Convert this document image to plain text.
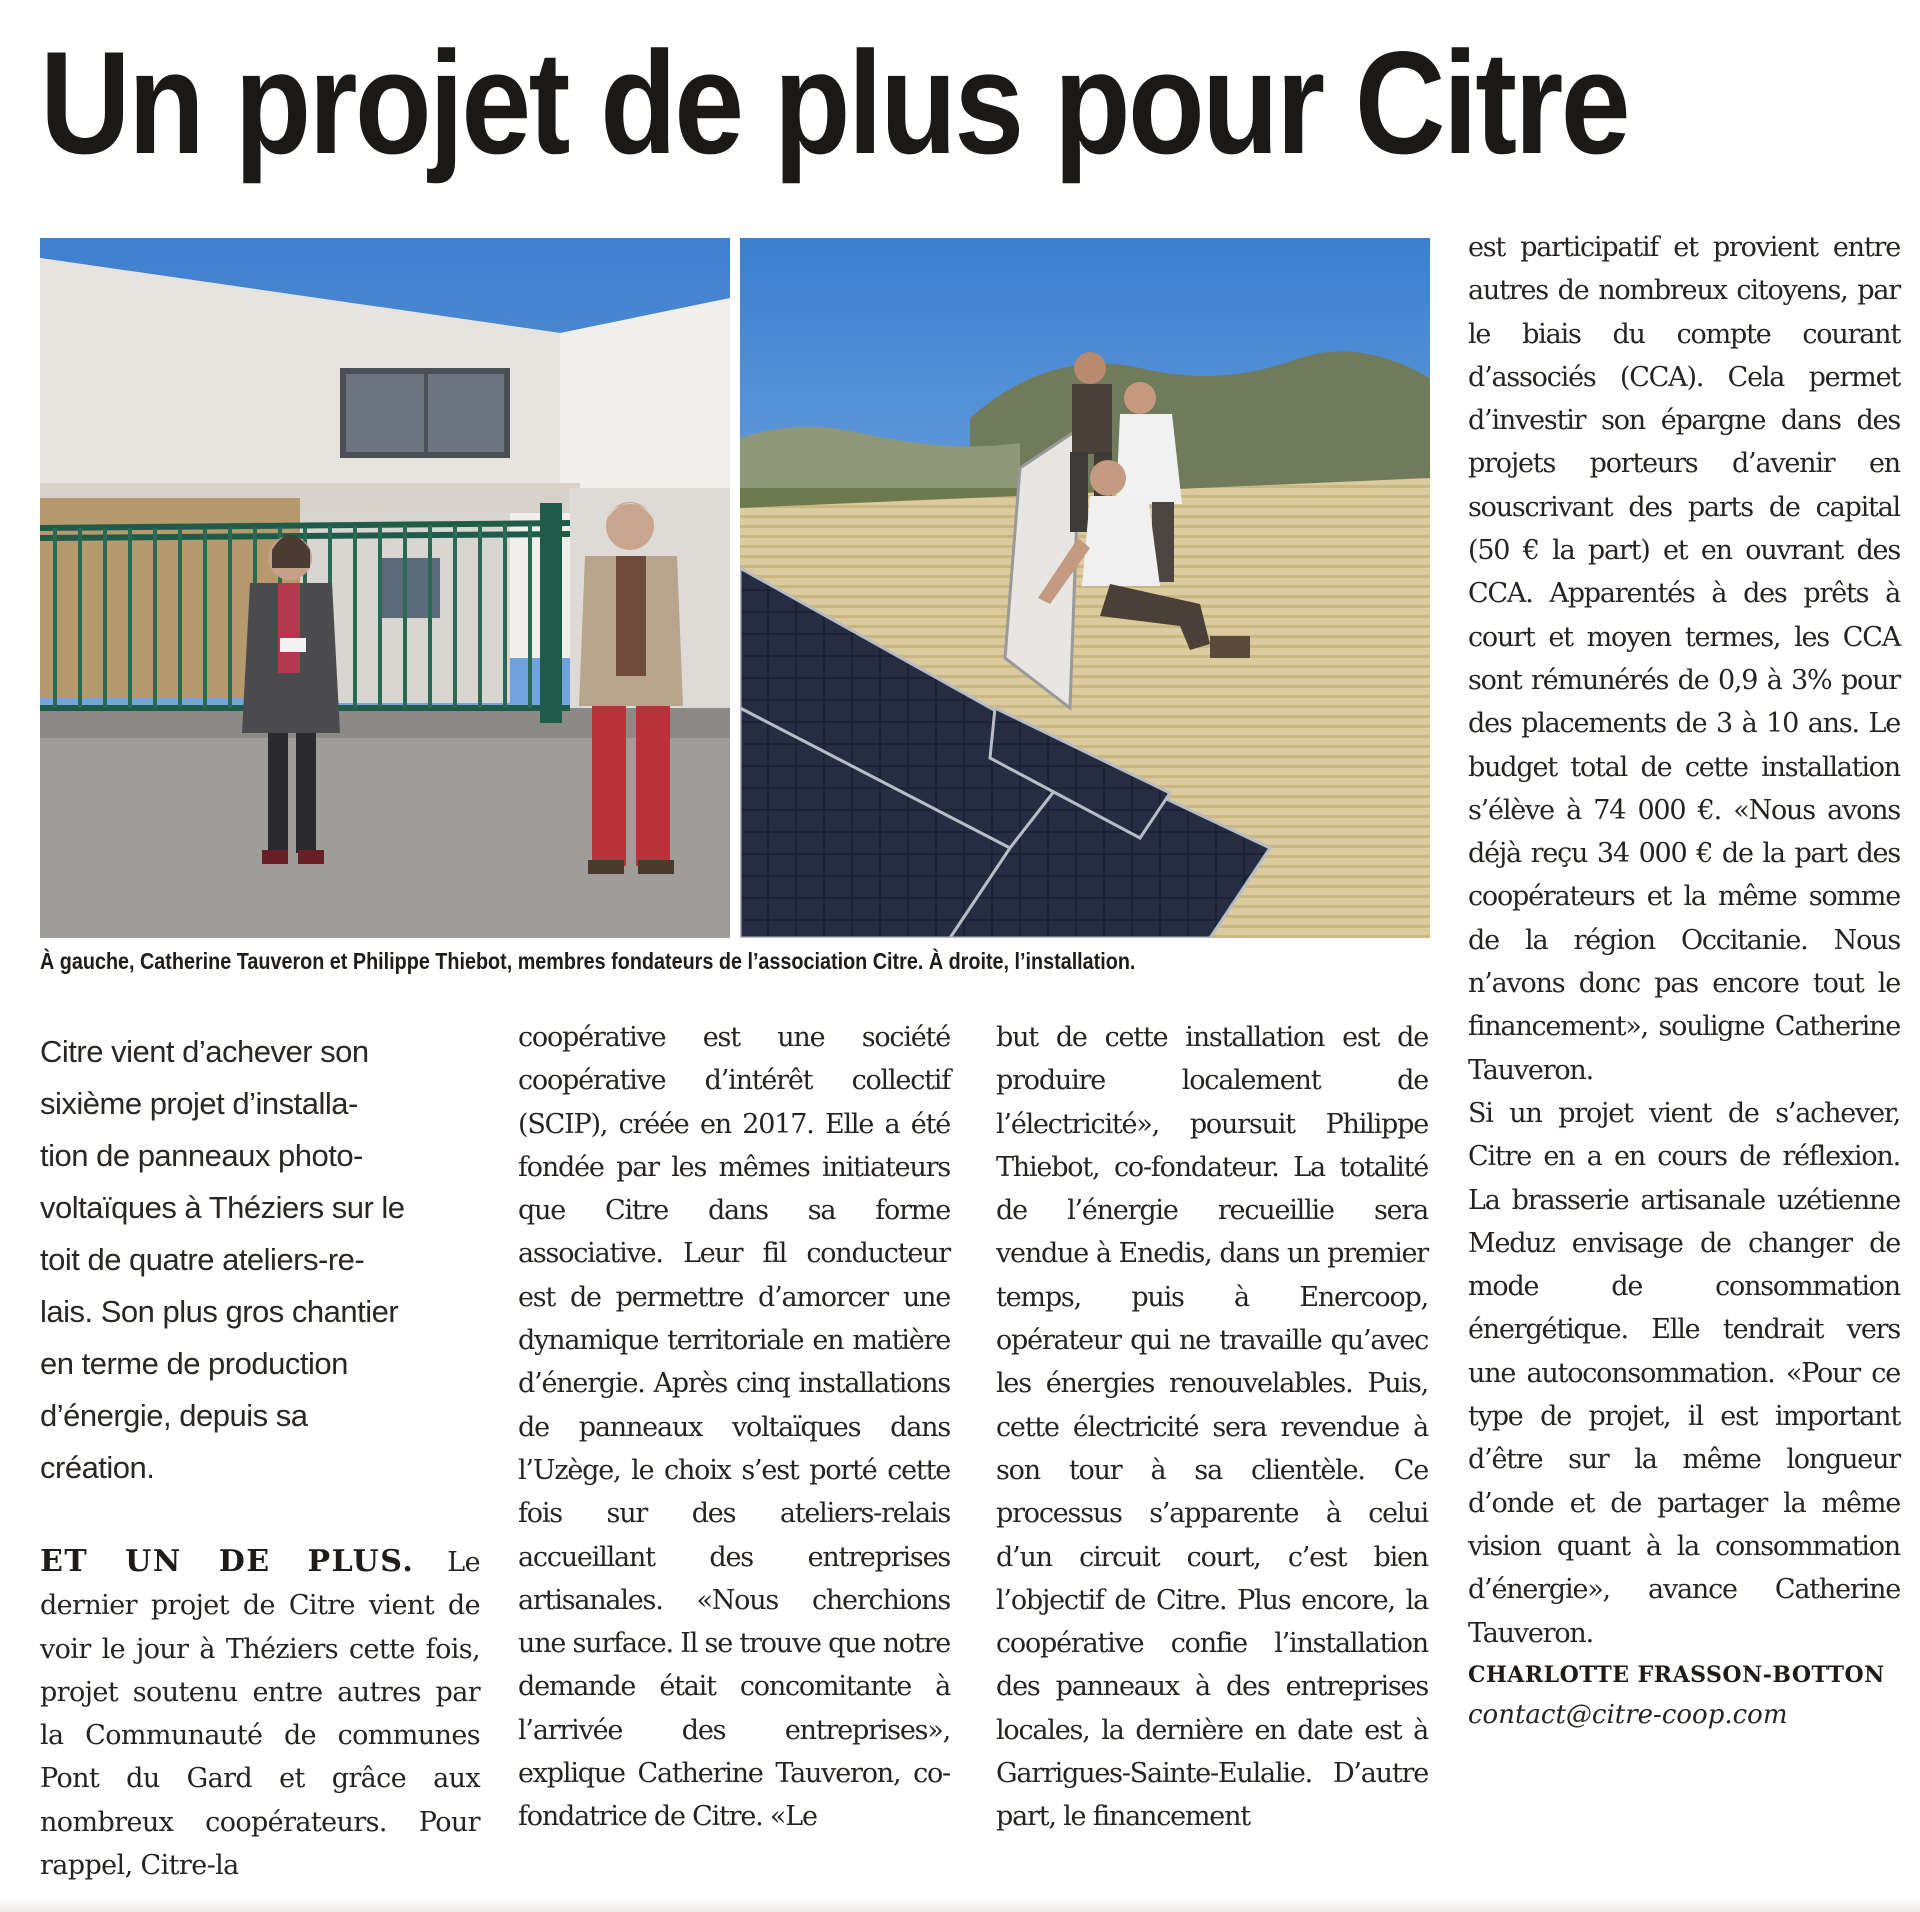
Un projet de plus pour Citre
À gauche, Catherine Tauveron et Philippe Thiebot, membres fondateurs de l’association Citre. À droite, l’installation.

Citre vient d’achever son
sixième projet d’installa-
tion de panneaux photo-
voltaïques à Théziers sur le
toit de quatre ateliers-re-
lais. Son plus gros chantier
en terme de production
d’énergie, depuis sa
création.

ET UN DE PLUS. Le dernier projet de Citre vient de voir le jour à Théziers cette fois, projet soutenu entre autres par la Communauté de communes Pont du Gard et grâce aux nombreux coopérateurs. Pour rappel, Citre-la

coopérative est une société coopérative d’intérêt collectif (SCIP), créée en 2017. Elle a été fondée par les mêmes initiateurs que Citre dans sa forme associative. Leur fil conducteur est de permettre d’amorcer une dynamique territoriale en matière d’énergie. Après cinq installations de panneaux voltaïques dans l’Uzège, le choix s’est porté cette fois sur des ateliers-relais accueillant des entreprises artisanales. «Nous cherchions une surface. Il se trouve que notre demande était concomitante à l’arrivée des entreprises», explique Catherine Tauveron, co-fondatrice de Citre. «Le

but de cette installation est de produire localement de l’électricité», poursuit Philippe Thiebot, co-fondateur. La totalité de l’énergie recueillie sera vendue à Enedis, dans un premier temps, puis à Enercoop, opérateur qui ne travaille qu’avec les énergies renouvelables. Puis, cette électricité sera revendue à son tour à sa clientèle. Ce processus s’apparente à celui d’un circuit court, c’est bien l’objectif de Citre. Plus encore, la coopérative confie l’installation des panneaux à des entreprises locales, la dernière en date est à Garrigues-Sainte-Eulalie. D’autre part, le financement

est participatif et provient entre autres de nombreux citoyens, par le biais du compte courant d’associés (CCA). Cela permet d’investir son épargne dans des projets porteurs d’avenir en souscrivant des parts de capital (50 € la part) et en ouvrant des CCA. Apparentés à des prêts à court et moyen termes, les CCA sont rémunérés de 0,9 à 3% pour des placements de 3 à 10 ans. Le budget total de cette installation s’élève à 74 000 €. «Nous avons déjà reçu 34 000 € de la part des coopérateurs et la même somme de la région Occitanie. Nous n’avons donc pas encore tout le financement», souligne Catherine Tauveron.

Si un projet vient de s’achever, Citre en a en cours de réflexion. La brasserie artisanale uzétienne Meduz envisage de changer de mode de consommation énergétique. Elle tendrait vers une autoconsommation. «Pour ce type de projet, il est important d’être sur la même longueur d’onde et de partager la même vision quant à la consommation d’énergie», avance Catherine Tauveron.

CHARLOTTE FRASSON-BOTTON

contact@citre-coop.com
